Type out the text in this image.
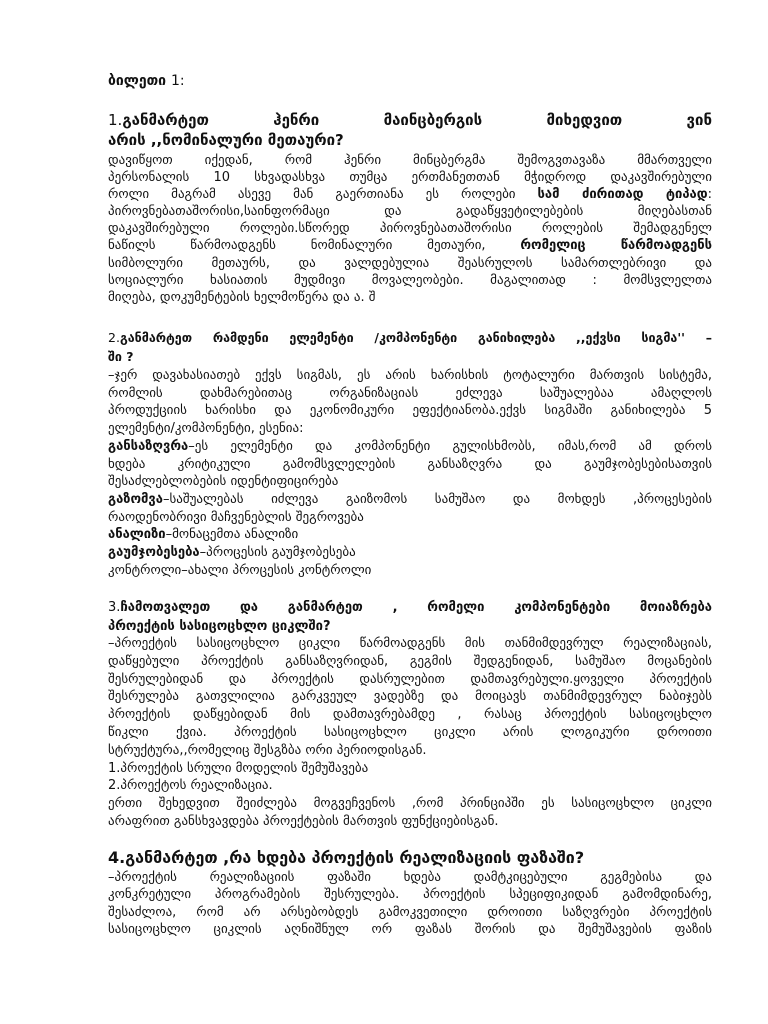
ბილეთი 1:
1.განმარტეთ ჰენრი მაინცბერგის მიხედვით ვინ
არის ,,ნომინალური მეთაური?
დავიწყოთ იქედან, რომ ჰენრი მინცბერგმა შემოგვთავაზა მმართველი
პერსონალის 10 სხვადასხვა თუმცა ერთმანეთთან მჭიდროდ დაკავშირებული
როლი მაგრამ ასევე მან გაერთიანა ეს როლები სამ ძირითად ტიპად:
პიროვნებათაშორისი,საინფორმაცი და გადაწყვეტილებების მიღებასთან
დაკავშირებული როლები.სწორედ პიროვნებათაშორისი როლების შემადგენელ
ნაწილს წარმოადგენს ნომინალური მეთაური, რომელიც წარმოადგენს
სიმბოლური მეთაურს, და ვალდებულია შეასრულოს სამართლებრივი და
სოციალური ხასიათის მუდმივი მოვალეობები. მაგალითად : მომსვლელთა
მიღება, დოკუმენტების ხელმოწერა და ა. შ
2.განმარტეთ რამდენი ელემენტი /კომპონენტი განიხილება ,,ექვსი სიგმა'' –
ში ?
–ჯერ დავახასიათებ ექვს სიგმას, ეს არის ხარისხის ტოტალური მართვის სისტემა,
რომლის დახმარებითაც ორგანიზაციას ეძლევა საშუალებაა ამაღლოს
პროდუქციის ხარისხი და ეკონომიკური ეფექტიანობა.ექვს სიგმაში განიხილება 5
ელემენტი/კომპონენტი, ესენია:
განსაზღვრა–ეს ელემენტი და კომპონენტი გულისხმობს, იმას,რომ ამ დროს
ხდება კრიტიკული გამომსვლელების განსაზღვრა და გაუმჯობესებისათვის
შესაძლებლობების იდენტიფიცირება
გაზომვა–საშუალებას იძლევა გაიზომოს სამუშაო და მოხდეს ,პროცესების
რაოდენობრივი მაჩვენებლის შეგროვება
ანალიზი–მონაცემთა ანალიზი
გაუმჯობესება–პროცესის გაუმჯობესება
კონტროლი–ახალი პროცესის კონტროლი
3.ჩამოთვალეთ და განმარტეთ , რომელი კომპონენტები მოიაზრება
პროექტის სასიცოცხლო ციკლში?
–პროექტის სასიცოცხლო ციკლი წარმოადგენს მის თანმიმდევრულ რეალიზაციას,
დაწყებული პროექტის განსაზღვრიდან, გეგმის შედგენიდან, სამუშაო მოცანების
შესრულებიდან და პროექტის დასრულებით დამთავრებული.ყოველი პროექტის
შესრულება გათვლილია გარკვეულ ვადებზე და მოიცავს თანმიმდევრულ ნაბიჯებს
პროექტის დაწყებიდან მის დამთავრებამდე , რასაც პროექტის სასიცოცხლო
წიკლი ქვია. პროექტის სასიცოცხლო ციკლი არის ლოგიკური დროითი
სტრუქტურა,,რომელიც შესგზბა ორი პერიოდისგან.
1.პროექტის სრული მოდელის შემუშავება
2.პროექტოს რეალიზაცია.
ერთი შეხედვით შეიძლება მოგვეჩვენოს ,რომ პრინციპში ეს სასიცოცხლო ციკლი
არაფრით განსხვავდება პროექტების მართვის ფუნქციებისგან.
4.განმარტეთ ,რა ხდება პროექტის რეალიზაციის ფაზაში?
–პროექტის რეალიზაციის ფაზაში ხდება დამტკიცებული გეგმებისა და
კონკრეტული პროგრამების შესრულება. პროექტის სპეციფიკიდან გამომდინარე,
შესაძლოა, რომ არ არსებობდეს გამოკვეთილი დროითი საზღვრები პროექტის
სასიცოცხლო ციკლის აღნიშნულ ორ ფაზას შორის და შემუშავების ფაზის
